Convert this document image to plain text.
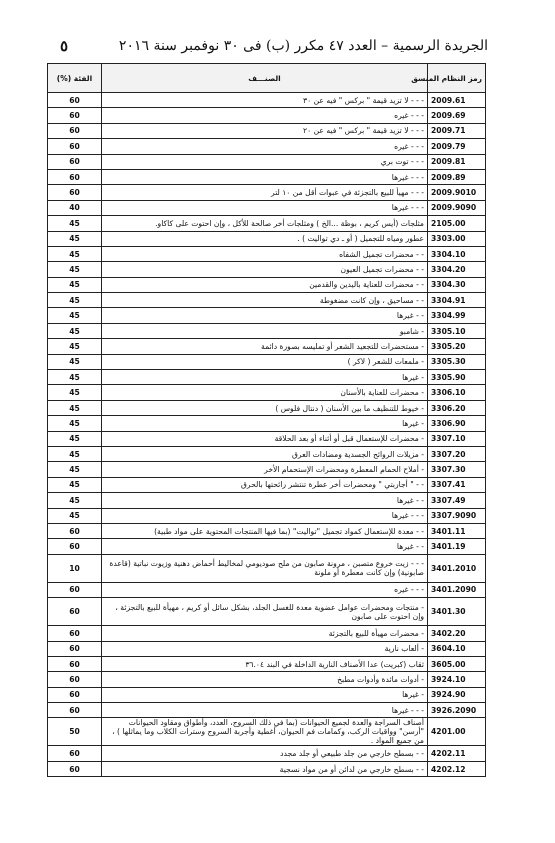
الجريدة الرسمية – العدد ٤٧ مكرر (ب) فى ٣٠ نوفمبر سنة ٢٠١٦
٥
رمز النظام المنسق	الصنـــف	الفئة (%)
2009.61	- - - لا تزيد قيمة " بركس " فيه عن ٣٠	60
2009.69	- - - غيره	60
2009.71	- - - لا تزيد قيمة " بركس " فيه عن ٢٠	60
2009.79	- - - غيره	60
2009.81	- - - توت بري	60
2009.89	- - - غيرها	60
2009.9010	- - - مهيأ للبيع بالتجزئة في عبوات أقل من ١٠ لتر	60
2009.9090	- - - غيرها	40
2105.00	مثلجات (أيس كريم ، بوظة ...الخ ) ومثلجات أخر صالحة للأكل ، وإن احتوت على كاكاو.	45
3303.00	عطور ومياه للتجميل ( أو ـ دي تواليت ) .	45
3304.10	- - محضرات تجميل الشفاه	45
3304.20	- - محضرات تجميل العيون	45
3304.30	- - محضرات للعناية باليدين والقدمين	45
3304.91	- - مساحيق ، وإن كانت مضغوطة	45
3304.99	- - غيرها	45
3305.10	- شامبو	45
3305.20	- مستحضرات للتجعيد الشعر أو تمليسه بصورة دائمة	45
3305.30	- ملمعات للشعر ( لاكر )	45
3305.90	- غيرها	45
3306.10	- محضرات للعناية بالأسنان	45
3306.20	- خيوط للتنظيف ما بين الأسنان ( دنتال فلوس )	45
3306.90	- غيرها	45
3307.10	- محضرات للإستعمال قبل أو أثناء أو بعد الحلاقة	45
3307.20	- مزيلات الروائح الجسدية ومضادات العرق	45
3307.30	- أملاح الحمام المعطرة ومحضرات الإستحمام الأخر	45
3307.41	- - " أجاربتي " ومحضرات أخر عطرة تنتشر رائحتها بالحرق	45
3307.49	- - غيرها	45
3307.9090	- - - غيرها	45
3401.11	- - معدة للإستعمال كمواد تجميل "تواليت" (بما فيها المنتجات المحتوية على مواد طبية)	60
3401.19	- - غيرها	60
3401.2010	- - - زيت خروع متصبن ، مرونة صابون من ملح صوديومي لمخاليط أحماض دهنية وزيوت نباتية (قاعدة صابونية) وإن كانت معطرة أو ملونة	10
3401.2090	- - - غيره	60
3401.30	- منتجات ومحضرات عوامل عضوية معدة للغسل الجلد، بشكل سائل أو كريم ، مهيأة للبيع بالتجزئة ، وإن احتوت على صابون	60
3402.20	- محضرات مهيأة للبيع بالتجزئة	60
3604.10	- ألعاب نارية	60
3605.00	ثقاب (كبريت) عدا الأصناف النارية الداخلة في البند ٣٦.٠٤	60
3924.10	- أدوات مائدة وأدوات مطبخ	60
3924.90	- غيرها	60
3926.2090	- - - غيرها	60
4201.00	أصناف السراجة والعدة لجميع الحيوانات (بما في ذلك السروج، العدد، وأطواق ومقاود الحيوانات "أرسن" وواقيات الركب، وكمامات فم الحيوان، أغطية وأجربة السروج وسترات الكلاب وما يماثلها ) ، من جميع المواد .	50
4202.11	- - بسطح خارجي من جلد طبيعي أو جلد مجدد	60
4202.12	- - بسطح خارجي من لدائن أو من مواد نسجية	60
